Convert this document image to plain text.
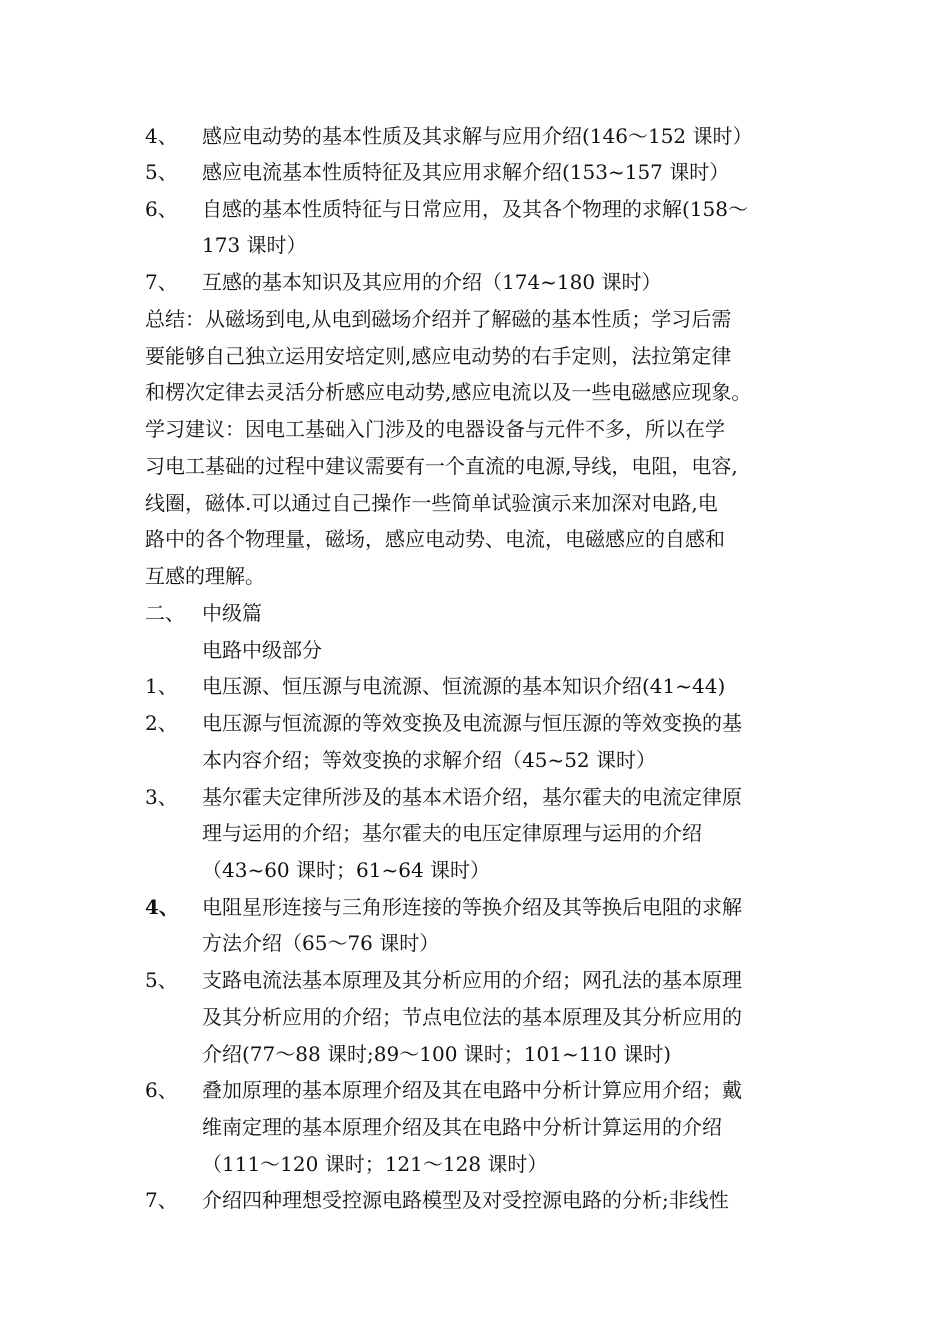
4、 感应电动势的基本性质及其求解与应用介绍(146～152 课时）
5、 感应电流基本性质特征及其应用求解介绍(153~157 课时）
6、 自感的基本性质特征与日常应用，及其各个物理的求解(158～
173 课时）
7、 互感的基本知识及其应用的介绍（174~180 课时）
总结：从磁场到电,从电到磁场介绍并了解磁的基本性质；学习后需
要能够自己独立运用安培定则,感应电动势的右手定则，法拉第定律
和楞次定律去灵活分析感应电动势,感应电流以及一些电磁感应现象。
学习建议：因电工基础入门涉及的电器设备与元件不多，所以在学
习电工基础的过程中建议需要有一个直流的电源,导线，电阻，电容,
线圈，磁体.可以通过自己操作一些简单试验演示来加深对电路,电
路中的各个物理量，磁场，感应电动势、电流，电磁感应的自感和
互感的理解。
二、 中级篇
电路中级部分
1、 电压源、恒压源与电流源、恒流源的基本知识介绍(41~44)
2、 电压源与恒流源的等效变换及电流源与恒压源的等效变换的基
本内容介绍；等效变换的求解介绍（45~52 课时）
3、 基尔霍夫定律所涉及的基本术语介绍，基尔霍夫的电流定律原
理与运用的介绍；基尔霍夫的电压定律原理与运用的介绍
（43~60 课时；61~64 课时）
4、 电阻星形连接与三角形连接的等换介绍及其等换后电阻的求解
方法介绍（65～76 课时）
5、 支路电流法基本原理及其分析应用的介绍；网孔法的基本原理
及其分析应用的介绍；节点电位法的基本原理及其分析应用的
介绍(77～88 课时;89～100 课时；101~110 课时)
6、 叠加原理的基本原理介绍及其在电路中分析计算应用介绍；戴
维南定理的基本原理介绍及其在电路中分析计算运用的介绍
（111～120 课时；121～128 课时）
7、 介绍四种理想受控源电路模型及对受控源电路的分析;非线性
